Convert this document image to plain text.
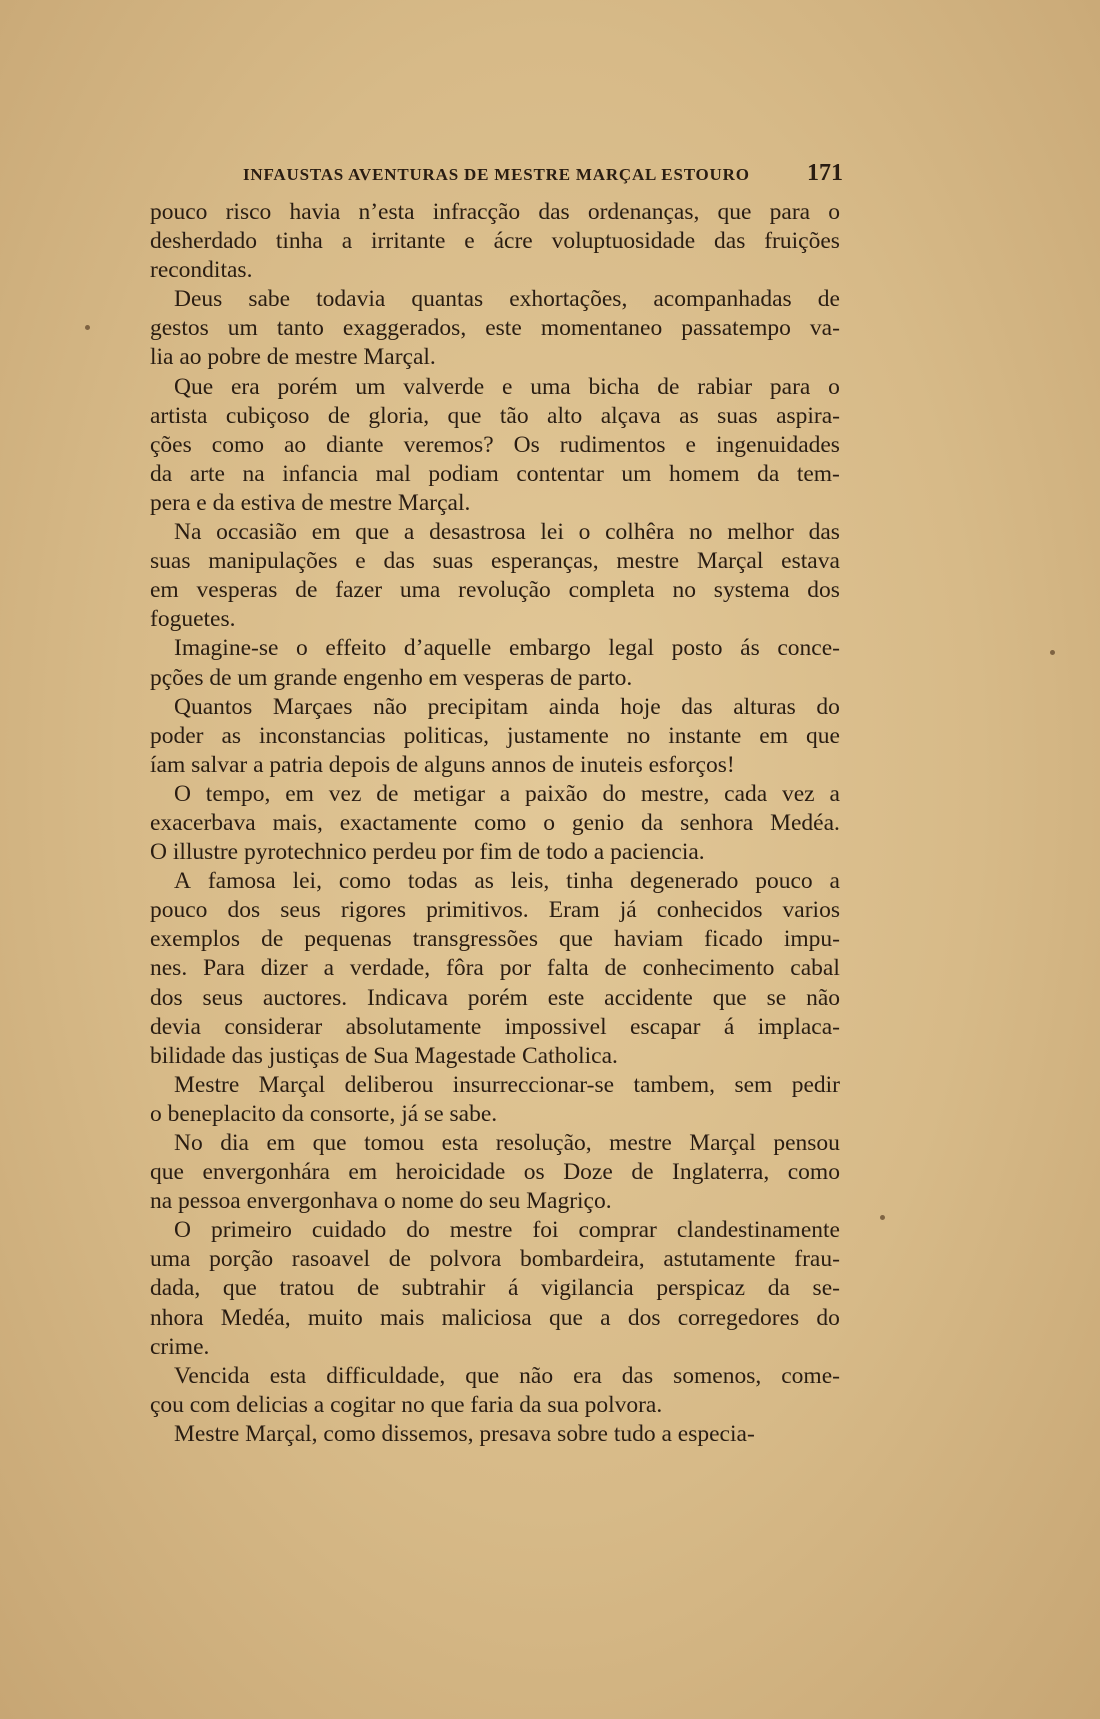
INFAUSTAS AVENTURAS DE MESTRE MARÇAL ESTOURO 171
pouco risco havia n’esta infracção das ordenanças, que para o
desherdado tinha a irritante e ácre voluptuosidade das fruições
reconditas.
Deus sabe todavia quantas exhortações, acompanhadas de
gestos um tanto exaggerados, este momentaneo passatempo va-
lia ao pobre de mestre Marçal.
Que era porém um valverde e uma bicha de rabiar para o
artista cubiçoso de gloria, que tão alto alçava as suas aspira-
ções como ao diante veremos? Os rudimentos e ingenuidades
da arte na infancia mal podiam contentar um homem da tem-
pera e da estiva de mestre Marçal.
Na occasião em que a desastrosa lei o colhêra no melhor das
suas manipulações e das suas esperanças, mestre Marçal estava
em vesperas de fazer uma revolução completa no systema dos
foguetes.
Imagine-se o effeito d’aquelle embargo legal posto ás conce-
pções de um grande engenho em vesperas de parto.
Quantos Marçaes não precipitam ainda hoje das alturas do
poder as inconstancias politicas, justamente no instante em que
íam salvar a patria depois de alguns annos de inuteis esforços!
O tempo, em vez de metigar a paixão do mestre, cada vez a
exacerbava mais, exactamente como o genio da senhora Medéa.
O illustre pyrotechnico perdeu por fim de todo a paciencia.
A famosa lei, como todas as leis, tinha degenerado pouco a
pouco dos seus rigores primitivos. Eram já conhecidos varios
exemplos de pequenas transgressões que haviam ficado impu-
nes. Para dizer a verdade, fôra por falta de conhecimento cabal
dos seus auctores. Indicava porém este accidente que se não
devia considerar absolutamente impossivel escapar á implaca-
bilidade das justiças de Sua Magestade Catholica.
Mestre Marçal deliberou insurreccionar-se tambem, sem pedir
o beneplacito da consorte, já se sabe.
No dia em que tomou esta resolução, mestre Marçal pensou
que envergonhára em heroicidade os Doze de Inglaterra, como
na pessoa envergonhava o nome do seu Magriço.
O primeiro cuidado do mestre foi comprar clandestinamente
uma porção rasoavel de polvora bombardeira, astutamente frau-
dada, que tratou de subtrahir á vigilancia perspicaz da se-
nhora Medéa, muito mais maliciosa que a dos corregedores do
crime.
Vencida esta difficuldade, que não era das somenos, come-
çou com delicias a cogitar no que faria da sua polvora.
Mestre Marçal, como dissemos, presava sobre tudo a especia-
